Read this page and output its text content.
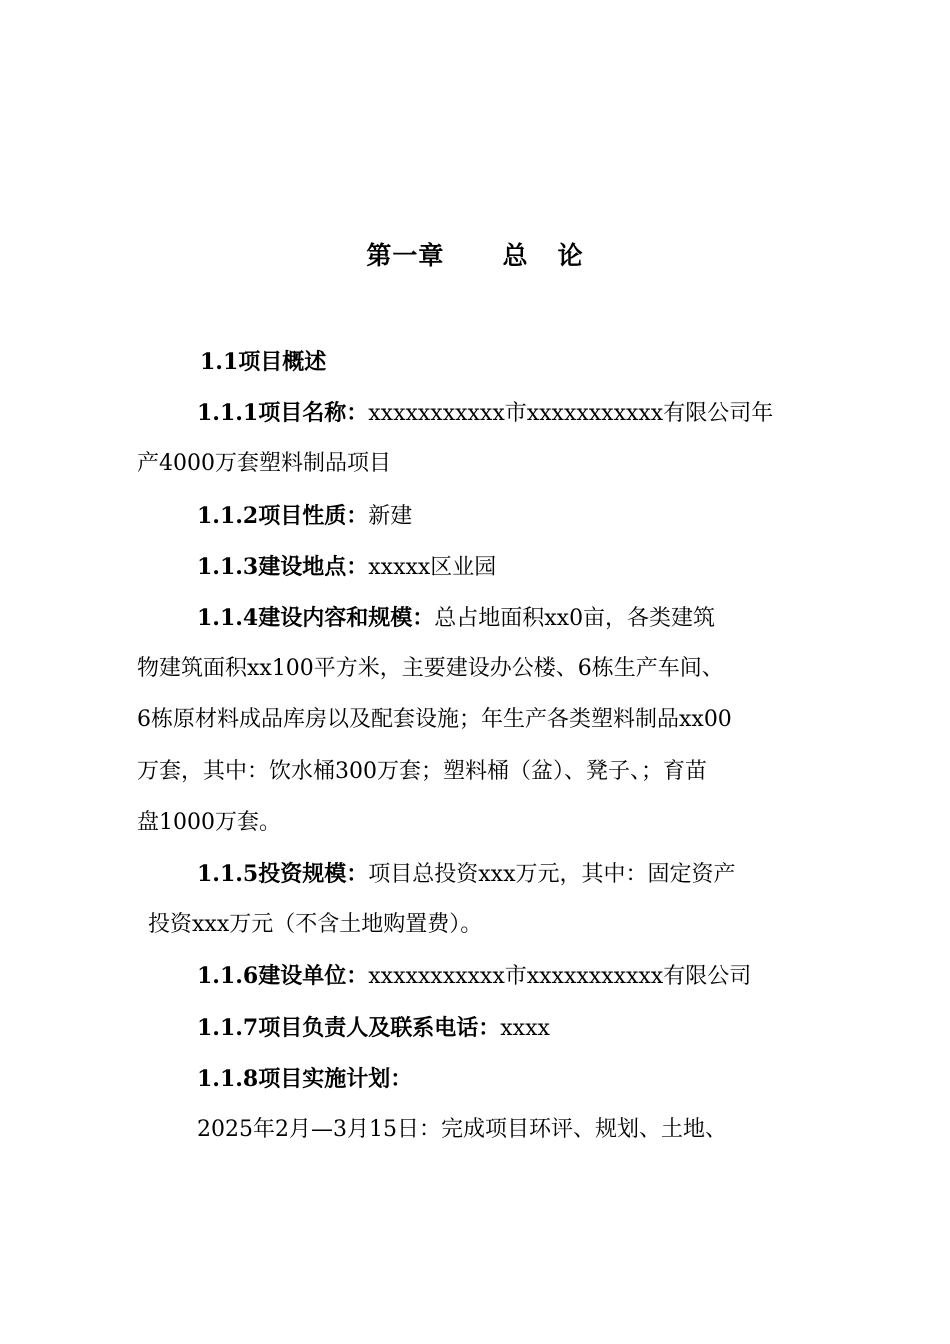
第一章      总   论
1.1项目概述
1.1.1项目名称：xxxxxxxxxxx市xxxxxxxxxxx有限公司年
产4000万套塑料制品项目
1.1.2项目性质：新建
1.1.3建设地点：xxxxx区业园
1.1.4建设内容和规模：总占地面积xx0亩，各类建筑
物建筑面积xx100平方米，主要建设办公楼、6栋生产车间、
6栋原材料成品库房以及配套设施；年生产各类塑料制品xx00
万套，其中：饮水桶300万套；塑料桶（盆）、凳子、；育苗
盘1000万套。
1.1.5投资规模：项目总投资xxx万元，其中：固定资产
投资xxx万元（不含土地购置费）。
1.1.6建设单位：xxxxxxxxxxx市xxxxxxxxxxx有限公司
1.1.7项目负责人及联系电话：xxxx
1.1.8项目实施计划：
2025年2月—3月15日：完成项目环评、规划、土地、
